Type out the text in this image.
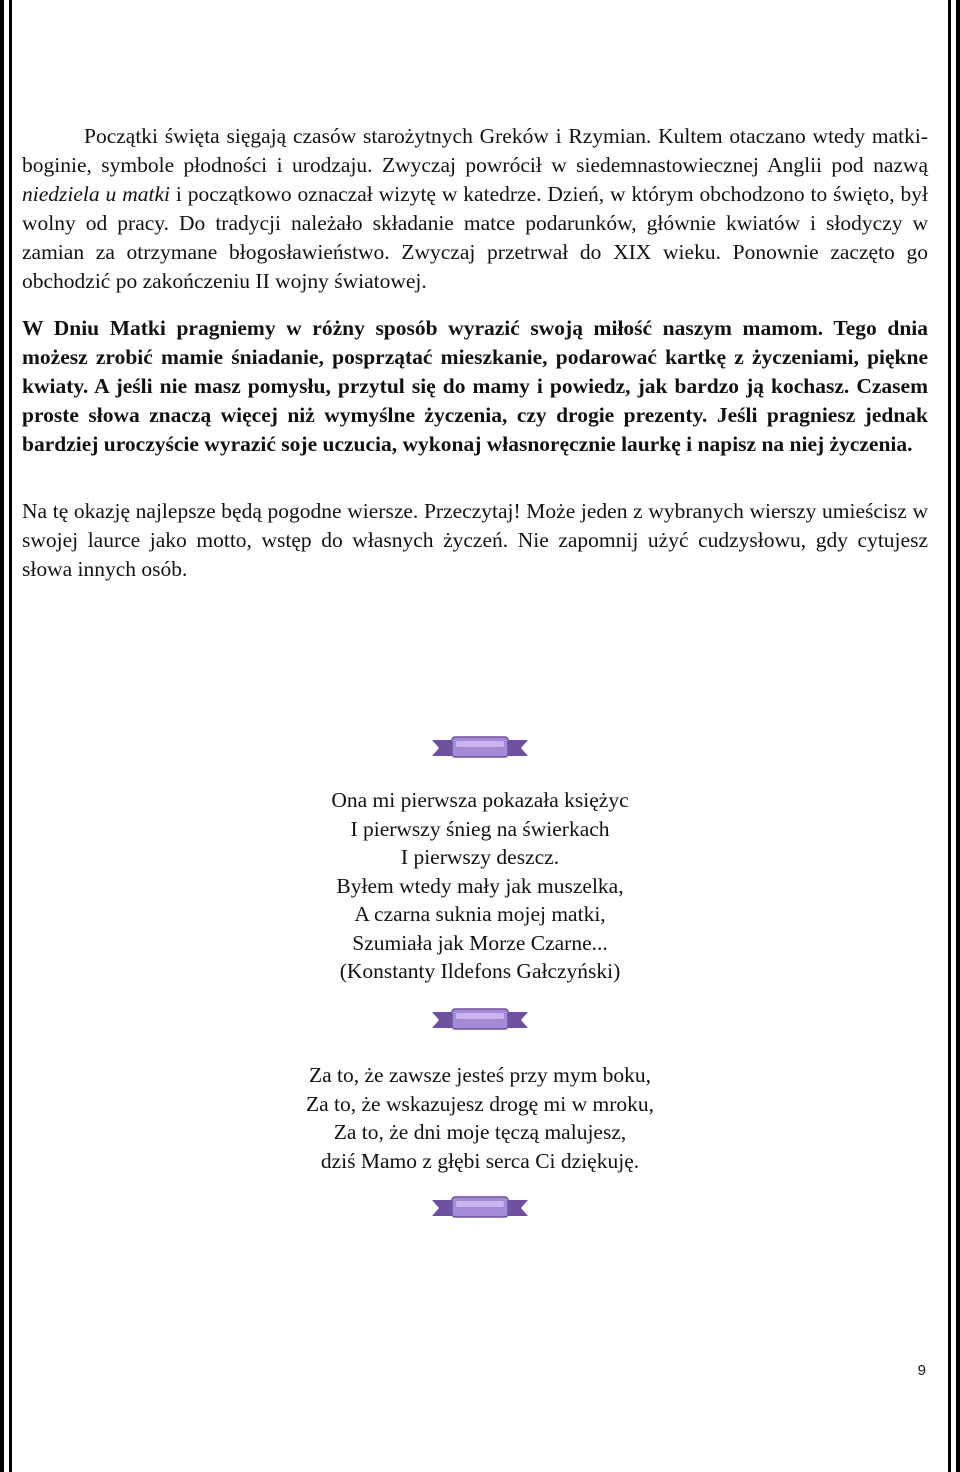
Początki święta sięgają czasów starożytnych Greków i Rzymian. Kultem otaczano wtedy matki-boginie, symbole płodności i urodzaju. Zwyczaj powrócił w siedemnastowiecznej Anglii pod nazwą niedziela u matki i początkowo oznaczał wizytę w katedrze. Dzień, w którym obchodzono to święto, był wolny od pracy. Do tradycji należało składanie matce podarunków, głównie kwiatów i słodyczy w zamian za otrzymane błogosławieństwo. Zwyczaj przetrwał do XIX wieku. Ponownie zaczęto go obchodzić po zakończeniu II wojny światowej.

W Dniu Matki pragniemy w różny sposób wyrazić swoją miłość naszym mamom. Tego dnia możesz zrobić mamie śniadanie, posprzątać mieszkanie, podarować kartkę z życzeniami, piękne kwiaty. A jeśli nie masz pomysłu, przytul się do mamy i powiedz, jak bardzo ją kochasz. Czasem proste słowa znaczą więcej niż wymyślne życzenia, czy drogie prezenty. Jeśli pragniesz jednak bardziej uroczyście wyrazić soje uczucia, wykonaj własnoręcznie laurkę i napisz na niej życzenia.

Na tę okazję najlepsze będą pogodne wiersze. Przeczytaj! Może jeden z wybranych wierszy umieścisz w swojej laurce jako motto, wstęp do własnych życzeń. Nie zapomnij użyć cudzysłowu, gdy cytujesz słowa innych osób.

Ona mi pierwsza pokazała księżyc
I pierwszy śnieg na świerkach
I pierwszy deszcz.
Byłem wtedy mały jak muszelka,
A czarna suknia mojej matki,
Szumiała jak Morze Czarne...
(Konstanty Ildefons Gałczyński)
Za to, że zawsze jesteś przy mym boku,
Za to, że wskazujesz drogę mi w mroku,
Za to, że dni moje tęczą malujesz,
dziś Mamo z głębi serca Ci dziękuję.
9
